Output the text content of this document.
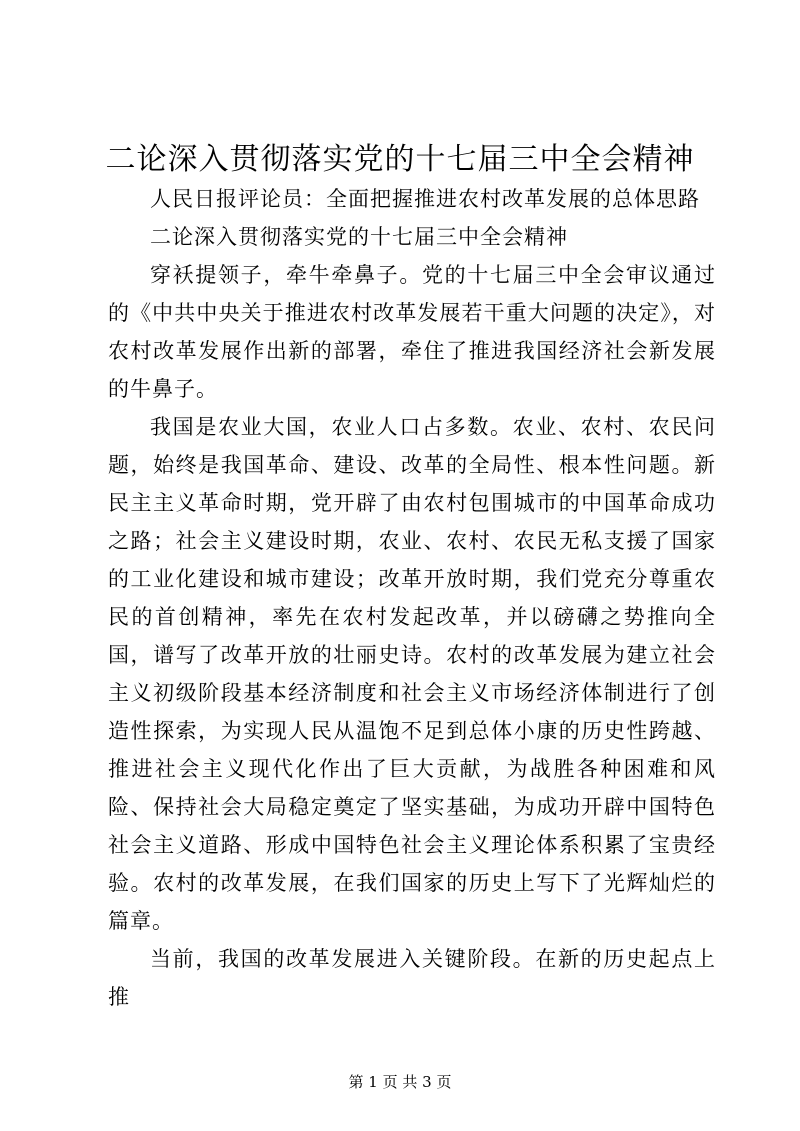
二论深入贯彻落实党的十七届三中全会精神

人民日报评论员：全面把握推进农村改革发展的总体思路

二论深入贯彻落实党的十七届三中全会精神

穿袄提领子，牵牛牵鼻子。党的十七届三中全会审议通过的《中共中央关于推进农村改革发展若干重大问题的决定》，对农村改革发展作出新的部署，牵住了推进我国经济社会新发展的牛鼻子。

我国是农业大国，农业人口占多数。农业、农村、农民问题，始终是我国革命、建设、改革的全局性、根本性问题。新民主主义革命时期，党开辟了由农村包围城市的中国革命成功之路；社会主义建设时期，农业、农村、农民无私支援了国家的工业化建设和城市建设；改革开放时期，我们党充分尊重农民的首创精神，率先在农村发起改革，并以磅礴之势推向全国，谱写了改革开放的壮丽史诗。农村的改革发展为建立社会主义初级阶段基本经济制度和社会主义市场经济体制进行了创造性探索，为实现人民从温饱不足到总体小康的历史性跨越、推进社会主义现代化作出了巨大贡献，为战胜各种困难和风险、保持社会大局稳定奠定了坚实基础，为成功开辟中国特色社会主义道路、形成中国特色社会主义理论体系积累了宝贵经验。农村的改革发展，在我们国家的历史上写下了光辉灿烂的篇章。

当前，我国的改革发展进入关键阶段。在新的历史起点上推

第 1 页 共 3 页
